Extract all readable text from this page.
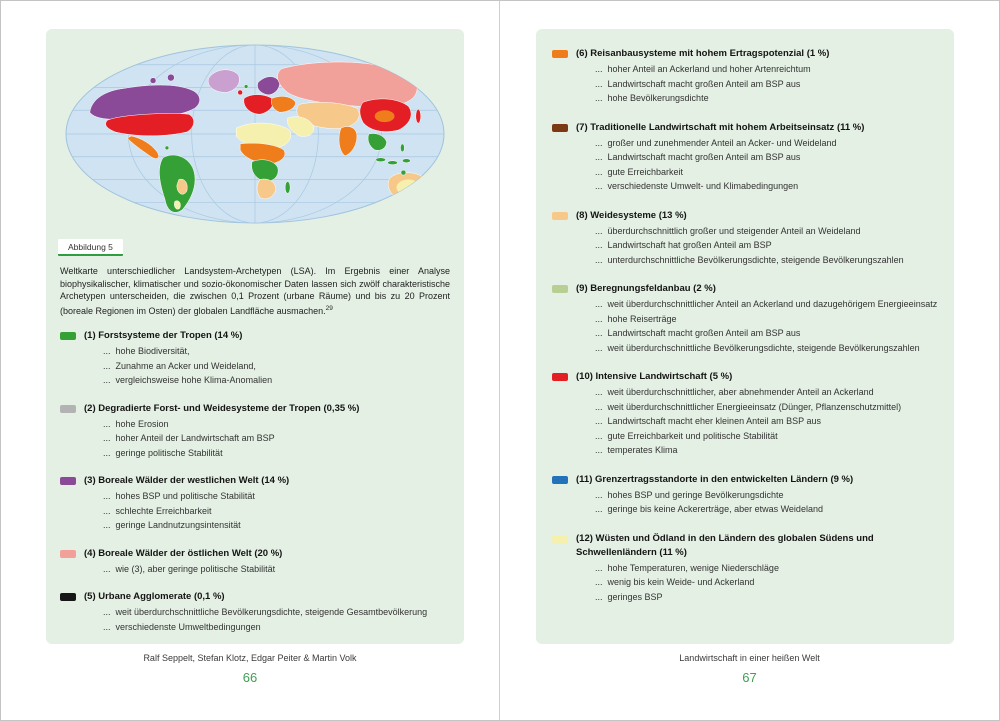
Abbildung 5

Weltkarte unterschiedlicher Landsystem-Archetypen (LSA). Im Ergebnis einer Analyse biophysikalischer, klimatischer und sozio-ökonomischer Daten lassen sich zwölf charakteristische Archetypen unterscheiden, die zwischen 0,1 Prozent (urbane Räume) und bis zu 20 Prozent (boreale Regionen im Osten) der globalen Landfläche ausmachen.$^{29}$

(1) Forstsysteme der Tropen (14 %)
...  hohe Biodiversität,
...  Zunahme an Acker und Weideland,
...  vergleichsweise hohe Klima-Anomalien
(2) Degradierte Forst- und Weidesysteme der Tropen (0,35 %)
...  hohe Erosion
...  hoher Anteil der Landwirtschaft am BSP
...  geringe politische Stabilität
(3) Boreale Wälder der westlichen Welt (14 %)
...  hohes BSP und politische Stabilität
...  schlechte Erreichbarkeit
...  geringe Landnutzungsintensität
(4) Boreale Wälder der östlichen Welt (20 %)
...  wie (3), aber geringe politische Stabilität
(5) Urbane Agglomerate (0,1 %)
...  weit überdurchschnittliche Bevölkerungsdichte, steigende Gesamtbevölkerung
...  verschiedenste Umweltbedingungen
Ralf Seppelt, Stefan Klotz, Edgar Peiter & Martin Volk
66
(6) Reisanbausysteme mit hohem Ertragspotenzial (1 %)
...  hoher Anteil an Ackerland und hoher Artenreichtum
...  Landwirtschaft macht großen Anteil am BSP aus
...  hohe Bevölkerungsdichte
(7) Traditionelle Landwirtschaft mit hohem Arbeitseinsatz (11 %)
...  großer und zunehmender Anteil an Acker- und Weideland
...  Landwirtschaft macht großen Anteil am BSP aus
...  gute Erreichbarkeit
...  verschiedenste Umwelt- und Klimabedingungen
(8) Weidesysteme (13 %)
...  überdurchschnittlich großer und steigender Anteil an Weideland
...  Landwirtschaft hat großen Anteil am BSP
...  unterdurchschnittliche Bevölkerungsdichte, steigende Bevölkerungszahlen
(9) Beregnungsfeldanbau (2 %)
...  weit überdurchschnittlicher Anteil an Ackerland und dazugehörigem Energieeinsatz
...  hohe Reiserträge
...  Landwirtschaft macht großen Anteil am BSP aus
...  weit überdurchschnittliche Bevölkerungsdichte, steigende Bevölkerungszahlen
(10) Intensive Landwirtschaft (5 %)
...  weit überdurchschnittlicher, aber abnehmender Anteil an Ackerland
...  weit überdurchschnittlicher Energieeinsatz (Dünger, Pflanzenschutzmittel)
...  Landwirtschaft macht eher kleinen Anteil am BSP aus
...  gute Erreichbarkeit und politische Stabilität
...  temperates Klima
(11) Grenzertragsstandorte in den entwickelten Ländern (9 %)
...  hohes BSP und geringe Bevölkerungsdichte
...  geringe bis keine Ackererträge, aber etwas Weideland
(12) Wüsten und Ödland in den Ländern des globalen Südens und Schwellenländern (11 %)
...  hohe Temperaturen, wenige Niederschläge
...  wenig bis kein Weide- und Ackerland
...  geringes BSP
Landwirtschaft in einer heißen Welt
67
